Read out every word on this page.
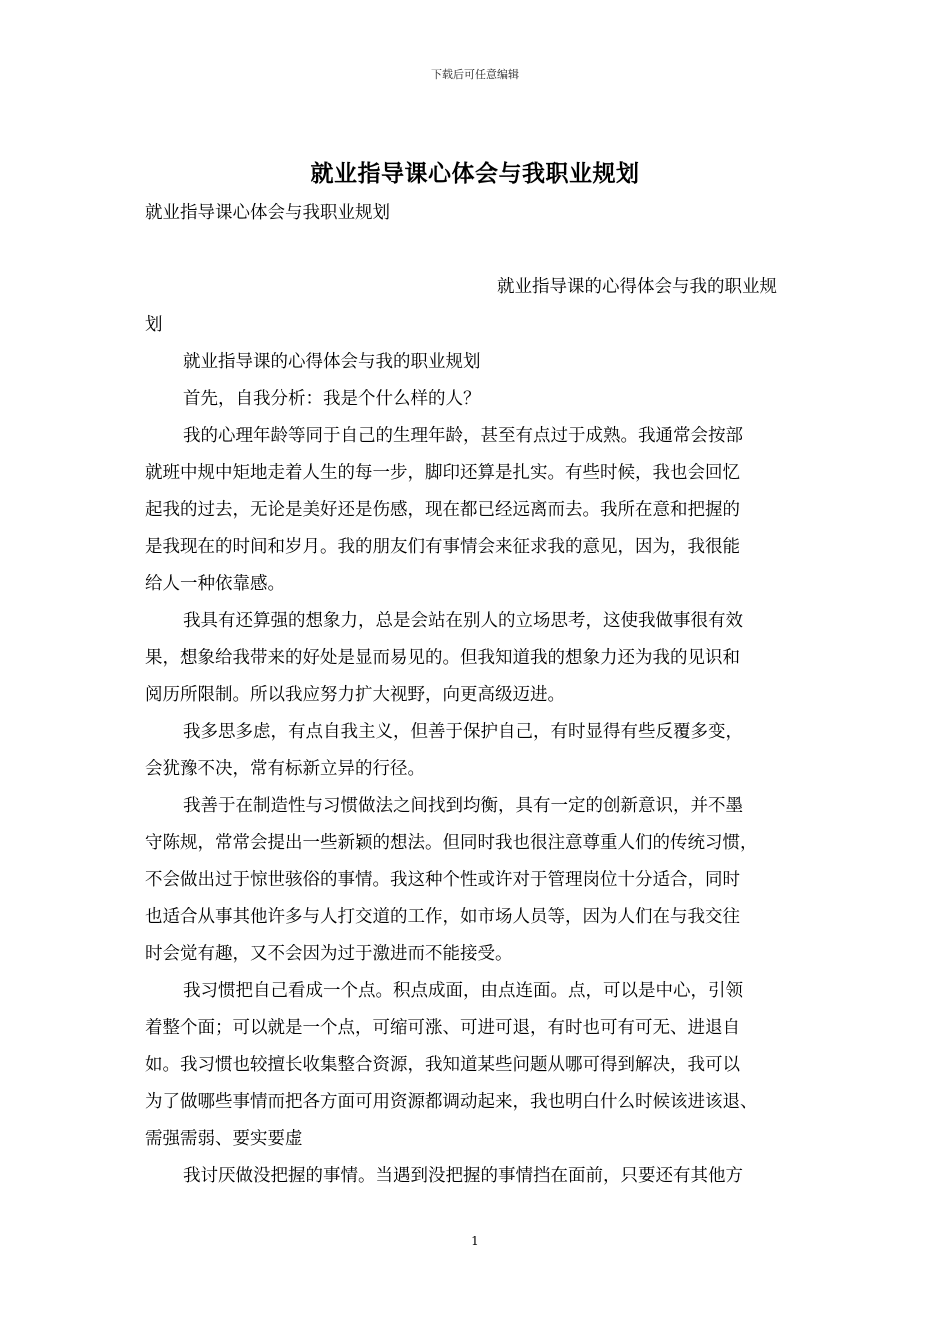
下载后可任意编辑
就业指导课心体会与我职业规划
就业指导课心体会与我职业规划
就业指导课的心得体会与我的职业规
划
就业指导课的心得体会与我的职业规划
首先，自我分析：我是个什么样的人？
我的心理年龄等同于自己的生理年龄，甚至有点过于成熟。我通常会按部
就班中规中矩地走着人生的每一步，脚印还算是扎实。有些时候，我也会回忆
起我的过去，无论是美好还是伤感，现在都已经远离而去。我所在意和把握的
是我现在的时间和岁月。我的朋友们有事情会来征求我的意见，因为，我很能
给人一种依靠感。
我具有还算强的想象力，总是会站在别人的立场思考，这使我做事很有效
果，想象给我带来的好处是显而易见的。但我知道我的想象力还为我的见识和
阅历所限制。所以我应努力扩大视野，向更高级迈进。
我多思多虑，有点自我主义，但善于保护自己，有时显得有些反覆多变，
会犹豫不决，常有标新立异的行径。
我善于在制造性与习惯做法之间找到均衡，具有一定的创新意识，并不墨
守陈规，常常会提出一些新颖的想法。但同时我也很注意尊重人们的传统习惯，
不会做出过于惊世骇俗的事情。我这种个性或许对于管理岗位十分适合，同时
也适合从事其他许多与人打交道的工作，如市场人员等，因为人们在与我交往
时会觉有趣，又不会因为过于激进而不能接受。
我习惯把自己看成一个点。积点成面，由点连面。点，可以是中心，引领
着整个面；可以就是一个点，可缩可涨、可进可退，有时也可有可无、进退自
如。我习惯也较擅长收集整合资源，我知道某些问题从哪可得到解决，我可以
为了做哪些事情而把各方面可用资源都调动起来，我也明白什么时候该进该退、
需强需弱、要实要虚
我讨厌做没把握的事情。当遇到没把握的事情挡在面前，只要还有其他方
1
